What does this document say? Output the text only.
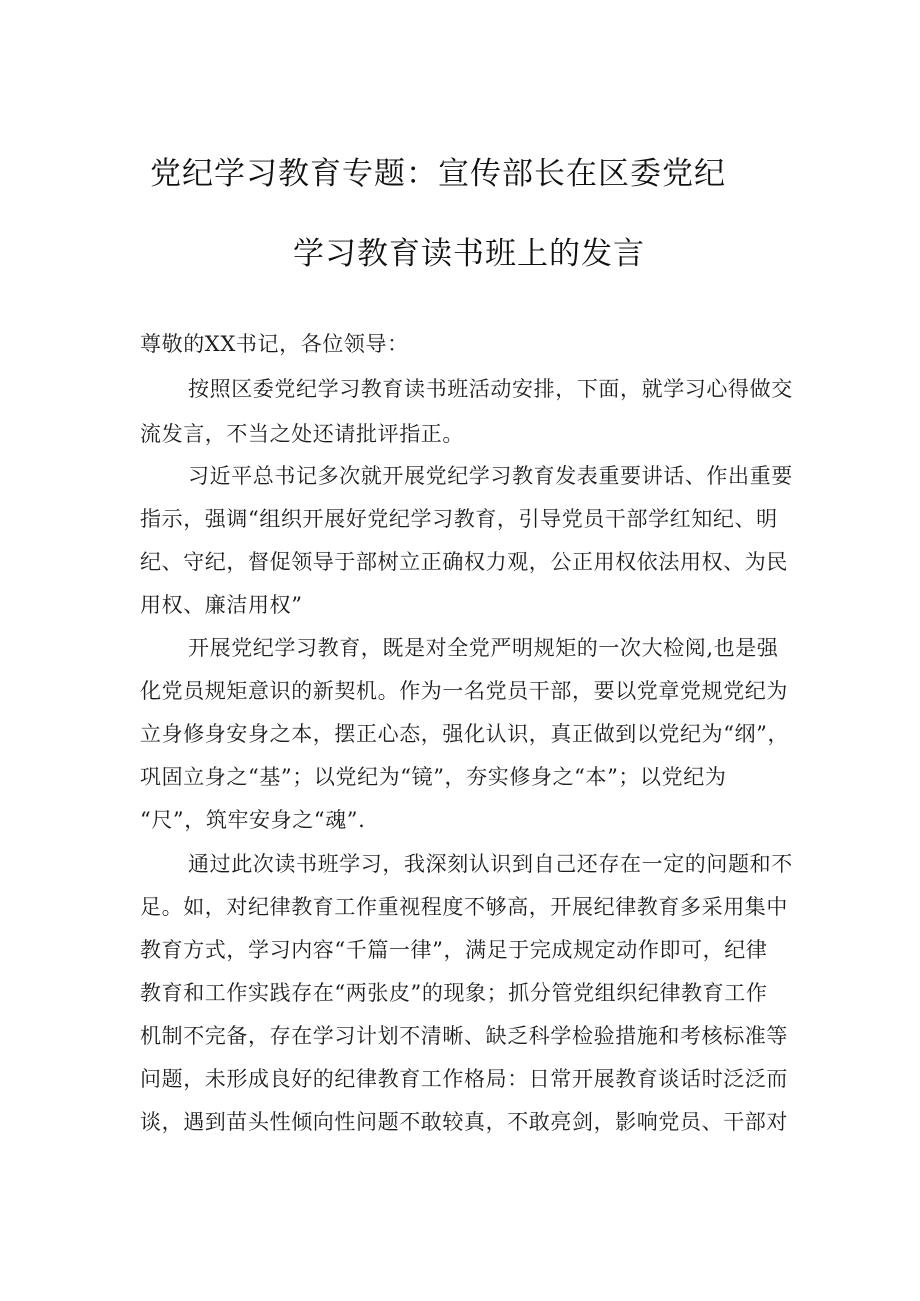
党纪学习教育专题：宣传部长在区委党纪
学习教育读书班上的发言
尊敬的XX书记，各位领导：
按照区委党纪学习教育读书班活动安排，下面，就学习心得做交
流发言，不当之处还请批评指正。
习近平总书记多次就开展党纪学习教育发表重要讲话、作出重要
指示，强调“组织开展好党纪学习教育，引导党员干部学红知纪、明
纪、守纪，督促领导于部树立正确权力观，公正用权依法用权、为民
用权、廉洁用权”
开展党纪学习教育，既是对全党严明规矩的一次大检阅,也是强
化党员规矩意识的新契机。作为一名党员干部，要以党章党规党纪为
立身修身安身之本，摆正心态，强化认识，真正做到以党纪为“纲”，
巩固立身之“基”；以党纪为“镜”，夯实修身之“本”；以党纪为
“尺”，筑牢安身之“魂”.
通过此次读书班学习，我深刻认识到自己还存在一定的问题和不
足。如，对纪律教育工作重视程度不够高，开展纪律教育多采用集中
教育方式，学习内容“千篇一律”，满足于完成规定动作即可，纪律
教育和工作实践存在“两张皮”的现象；抓分管党组织纪律教育工作
机制不完备，存在学习计划不清晰、缺乏科学检验措施和考核标准等
问题，未形成良好的纪律教育工作格局：日常开展教育谈话时泛泛而
谈，遇到苗头性倾向性问题不敢较真，不敢亮剑，影响党员、干部对
